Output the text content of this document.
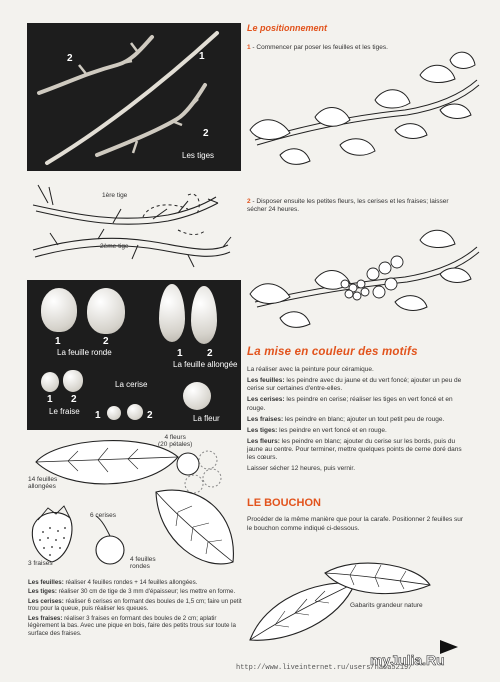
2	1
2
Les tiges
1ère tige
2ème tige
1	2
La feuille ronde	1 2
La feuille allongée
1 2
Le fraise
La cerise
1	2	La fleur
4 fleurs
(20 pétales)
14 feuilles
allongées
6 cerises
3 fraises
4 feuilles
rondes
Les feuilles: réaliser 4 feuilles rondes + 14 feuilles allongées.
Les tiges: réaliser 30 cm de tige de 3 mm d'épaisseur; les mettre en forme.
Les cerises: réaliser 6 cerises en formant des boules de 1,5 cm; faire un petit trou pour la queue, puis réaliser les queues.
Les fraises: réaliser 3 fraises en formant des boules de 2 cm; aplatir légèrement la bas. Avec une pique en bois, faire des petits trous sur toute la surface des fraises.
Le positionnement
1 - Commencer par poser les feuilles et les tiges.
2 - Disposer ensuite les petites fleurs, les cerises et les fraises; laisser sécher 24 heures.
La mise en couleur des motifs
La réaliser avec la peinture pour céramique.
Les feuilles: les peindre avec du jaune et du vert foncé; ajouter un peu de cerise sur certaines d'entre-elles.
Les cerises: les peindre en cerise; réaliser les tiges en vert foncé et en rouge.
Les fraises: les peindre en blanc; ajouter un tout petit peu de rouge.
Les tiges: les peindre en vert foncé et en rouge.
Les fleurs: les peindre en blanc; ajouter du cerise sur les bords, puis du jaune au centre. Pour terminer, mettre quelques points de cerne doré dans les cœurs.
Laisser sécher 12 heures, puis vernir.
LE BOUCHON
Procéder de la même manière que pour la carafe. Positionner 2 feuilles sur le bouchon comme indiqué ci-dessous.
Gabarits grandeur nature
http://www.liveinternet.ru/users/nata5219/
myJulia.Ru
